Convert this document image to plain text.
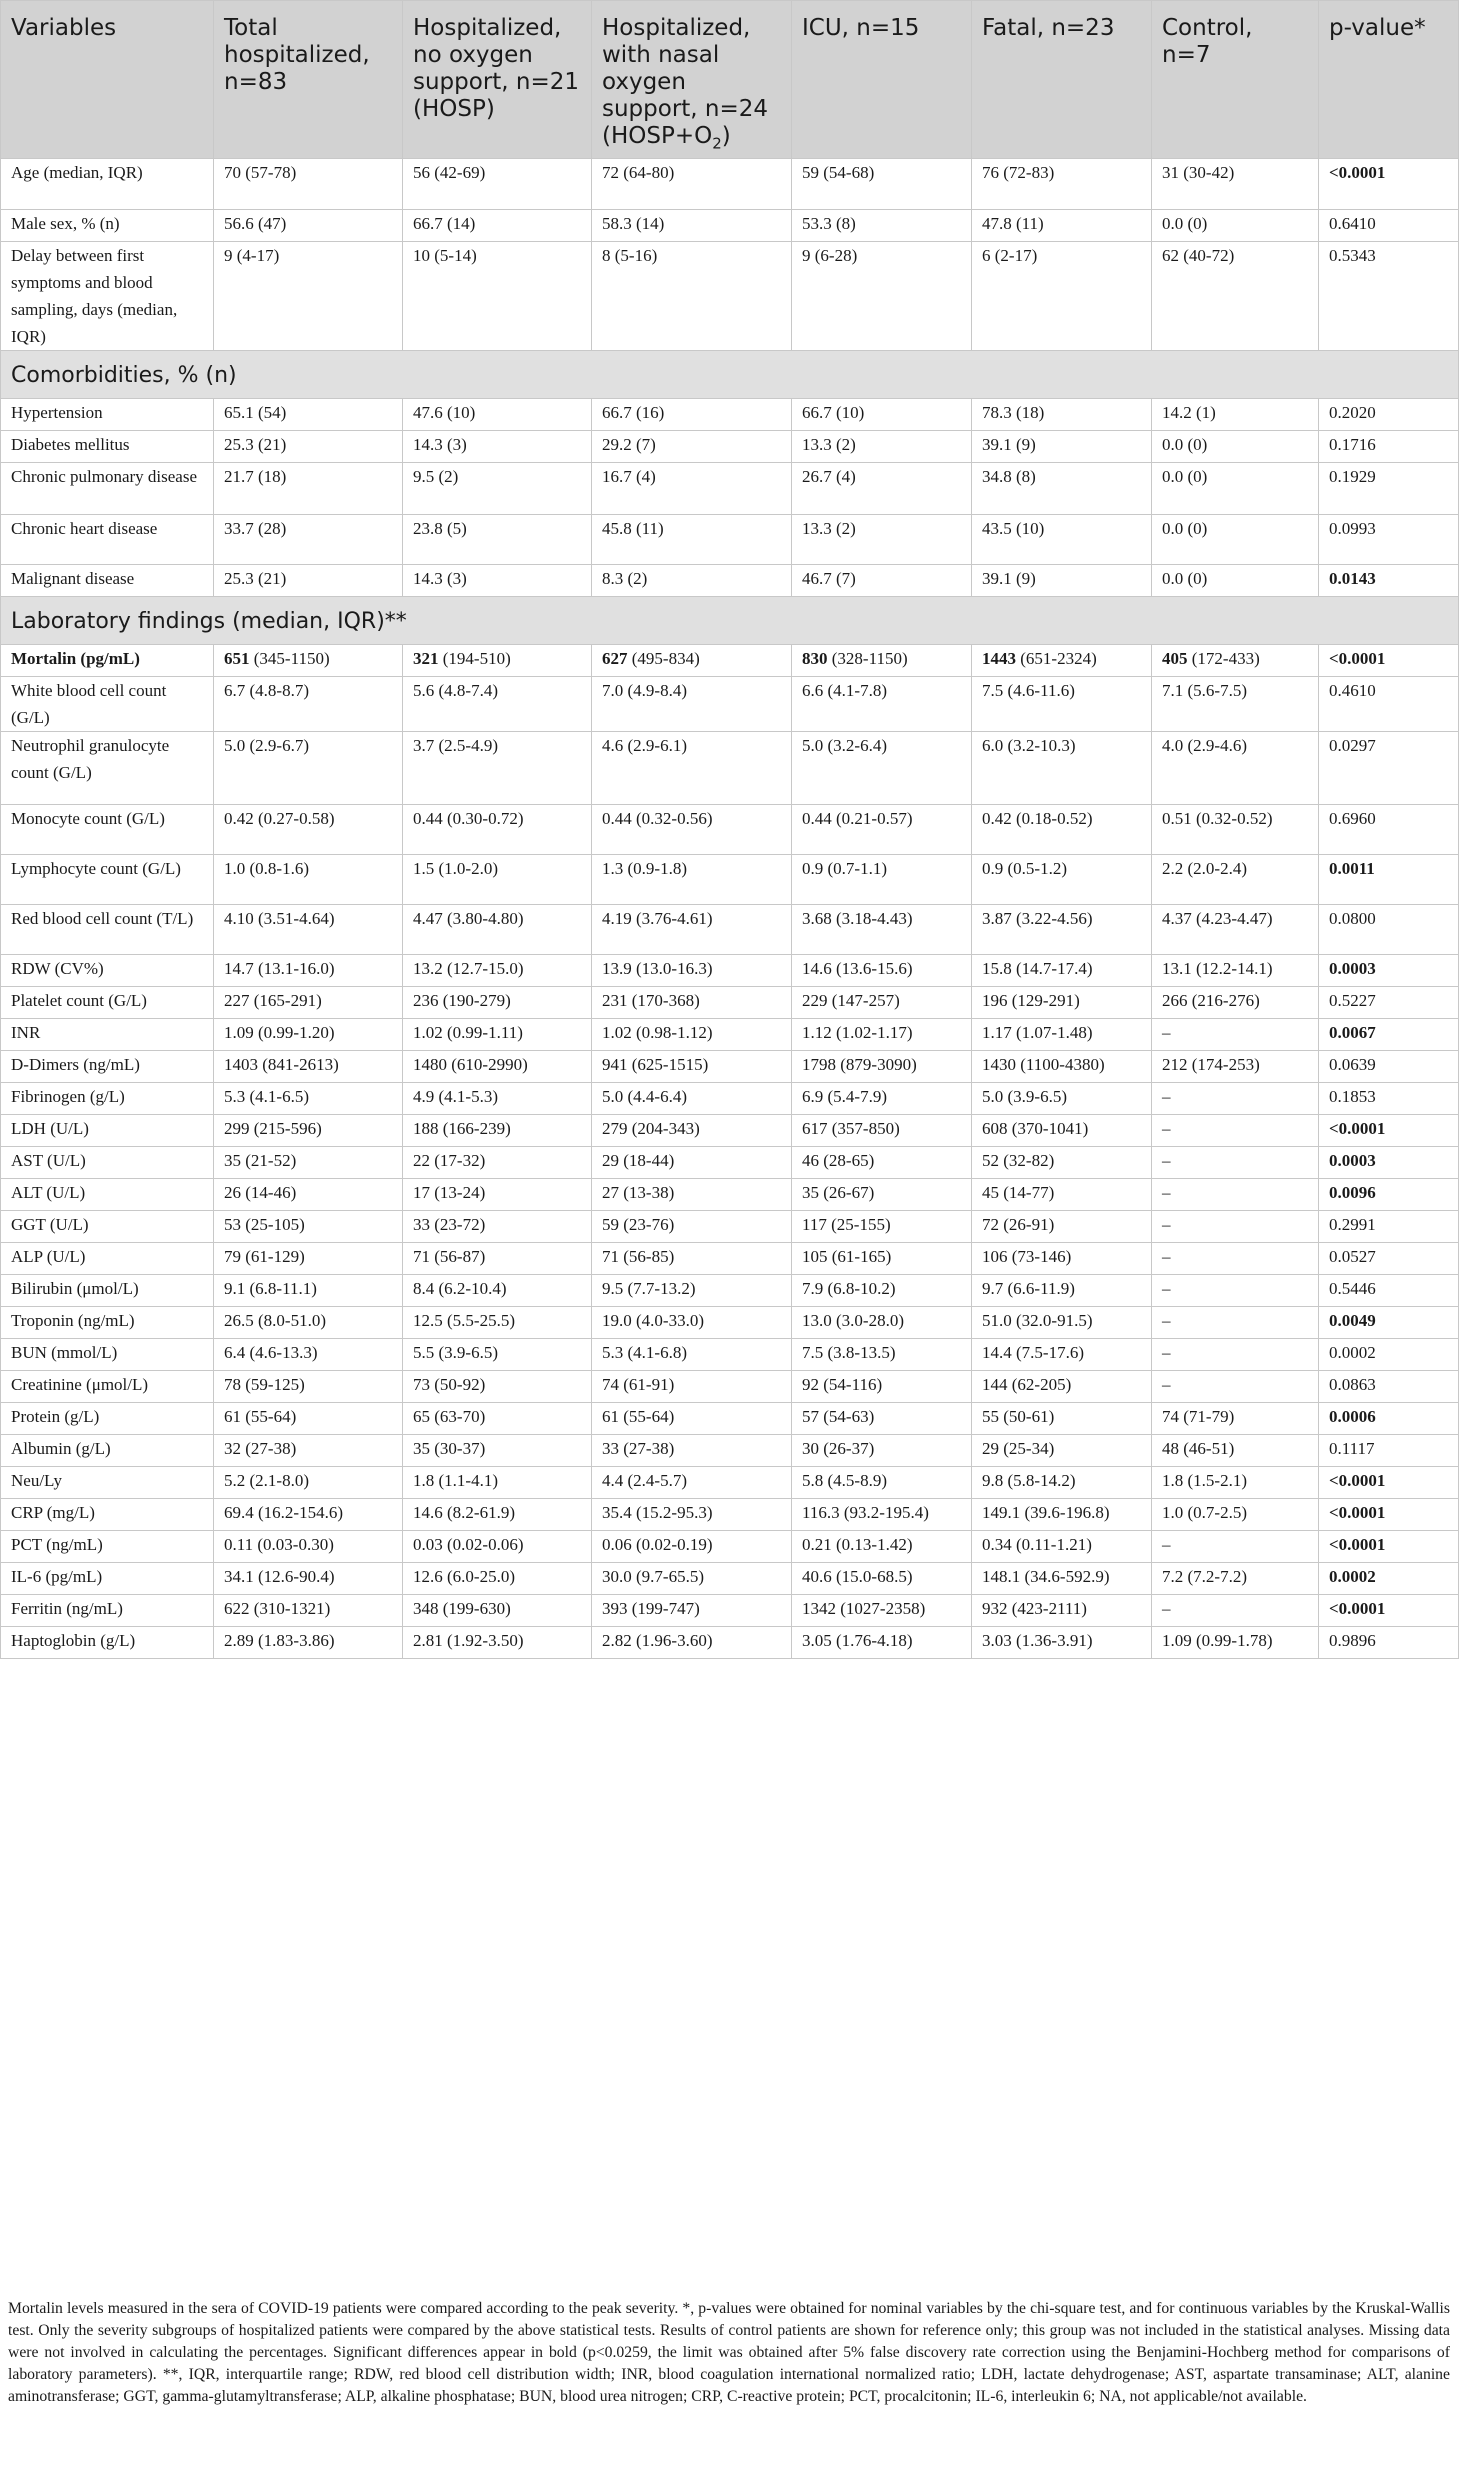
Variables	Total hospitalized, n=83	Hospitalized, no oxygen support, n=21 (HOSP)	Hospitalized, with nasal oxygen support, n=24 $(HOSP+O_2)$	ICU, n=15	Fatal, n=23	Control, n=7	p-value*
Age (median, IQR)	70 (57-78)	56 (42-69)	72 (64-80)	59 (54-68)	76 (72-83)	31 (30-42)	<0.0001
Male sex, % (n)	56.6 (47)	66.7 (14)	58.3 (14)	53.3 (8)	47.8 (11)	0.0 (0)	0.6410
Delay between first symptoms and blood sampling, days (median, IQR)	9 (4-17)	10 (5-14)	8 (5-16)	9 (6-28)	6 (2-17)	62 (40-72)	0.5343
Comorbidities, % (n)							
Hypertension	65.1 (54)	47.6 (10)	66.7 (16)	66.7 (10)	78.3 (18)	14.2 (1)	0.2020
Diabetes mellitus	25.3 (21)	14.3 (3)	29.2 (7)	13.3 (2)	39.1 (9)	0.0 (0)	0.1716
Chronic pulmonary disease	21.7 (18)	9.5 (2)	16.7 (4)	26.7 (4)	34.8 (8)	0.0 (0)	0.1929
Chronic heart disease	33.7 (28)	23.8 (5)	45.8 (11)	13.3 (2)	43.5 (10)	0.0 (0)	0.0993
Malignant disease	25.3 (21)	14.3 (3)	8.3 (2)	46.7 (7)	39.1 (9)	0.0 (0)	0.0143
Laboratory findings (median, IQR)**							
Mortalin (pg/mL)	651 (345-1150)	321 (194-510)	627 (495-834)	830 (328-1150)	1443 (651-2324)	405 (172-433)	<0.0001
White blood cell count (G/L)	6.7 (4.8-8.7)	5.6 (4.8-7.4)	7.0 (4.9-8.4)	6.6 (4.1-7.8)	7.5 (4.6-11.6)	7.1 (5.6-7.5)	0.4610
Neutrophil granulocyte count (G/L)	5.0 (2.9-6.7)	3.7 (2.5-4.9)	4.6 (2.9-6.1)	5.0 (3.2-6.4)	6.0 (3.2-10.3)	4.0 (2.9-4.6)	0.0297
Monocyte count (G/L)	0.42 (0.27-0.58)	0.44 (0.30-0.72)	0.44 (0.32-0.56)	0.44 (0.21-0.57)	0.42 (0.18-0.52)	0.51 (0.32-0.52)	0.6960
Lymphocyte count (G/L)	1.0 (0.8-1.6)	1.5 (1.0-2.0)	1.3 (0.9-1.8)	0.9 (0.7-1.1)	0.9 (0.5-1.2)	2.2 (2.0-2.4)	0.0011
Red blood cell count (T/L)	4.10 (3.51-4.64)	4.47 (3.80-4.80)	4.19 (3.76-4.61)	3.68 (3.18-4.43)	3.87 (3.22-4.56)	4.37 (4.23-4.47)	0.0800
RDW (CV%)	14.7 (13.1-16.0)	13.2 (12.7-15.0)	13.9 (13.0-16.3)	14.6 (13.6-15.6)	15.8 (14.7-17.4)	13.1 (12.2-14.1)	0.0003
Platelet count (G/L)	227 (165-291)	236 (190-279)	231 (170-368)	229 (147-257)	196 (129-291)	266 (216-276)	0.5227
INR	1.09 (0.99-1.20)	1.02 (0.99-1.11)	1.02 (0.98-1.12)	1.12 (1.02-1.17)	1.17 (1.07-1.48)	–	0.0067
D-Dimers (ng/mL)	1403 (841-2613)	1480 (610-2990)	941 (625-1515)	1798 (879-3090)	1430 (1100-4380)	212 (174-253)	0.0639
Fibrinogen (g/L)	5.3 (4.1-6.5)	4.9 (4.1-5.3)	5.0 (4.4-6.4)	6.9 (5.4-7.9)	5.0 (3.9-6.5)	–	0.1853
LDH (U/L)	299 (215-596)	188 (166-239)	279 (204-343)	617 (357-850)	608 (370-1041)	–	<0.0001
AST (U/L)	35 (21-52)	22 (17-32)	29 (18-44)	46 (28-65)	52 (32-82)	–	0.0003
ALT (U/L)	26 (14-46)	17 (13-24)	27 (13-38)	35 (26-67)	45 (14-77)	–	0.0096
GGT (U/L)	53 (25-105)	33 (23-72)	59 (23-76)	117 (25-155)	72 (26-91)	–	0.2991
ALP (U/L)	79 (61-129)	71 (56-87)	71 (56-85)	105 (61-165)	106 (73-146)	–	0.0527
Bilirubin (μmol/L)	9.1 (6.8-11.1)	8.4 (6.2-10.4)	9.5 (7.7-13.2)	7.9 (6.8-10.2)	9.7 (6.6-11.9)	–	0.5446
Troponin (ng/mL)	26.5 (8.0-51.0)	12.5 (5.5-25.5)	19.0 (4.0-33.0)	13.0 (3.0-28.0)	51.0 (32.0-91.5)	–	0.0049
BUN (mmol/L)	6.4 (4.6-13.3)	5.5 (3.9-6.5)	5.3 (4.1-6.8)	7.5 (3.8-13.5)	14.4 (7.5-17.6)	–	0.0002
Creatinine (μmol/L)	78 (59-125)	73 (50-92)	74 (61-91)	92 (54-116)	144 (62-205)	–	0.0863
Protein (g/L)	61 (55-64)	65 (63-70)	61 (55-64)	57 (54-63)	55 (50-61)	74 (71-79)	0.0006
Albumin (g/L)	32 (27-38)	35 (30-37)	33 (27-38)	30 (26-37)	29 (25-34)	48 (46-51)	0.1117
Neu/Ly	5.2 (2.1-8.0)	1.8 (1.1-4.1)	4.4 (2.4-5.7)	5.8 (4.5-8.9)	9.8 (5.8-14.2)	1.8 (1.5-2.1)	<0.0001
CRP (mg/L)	69.4 (16.2-154.6)	14.6 (8.2-61.9)	35.4 (15.2-95.3)	116.3 (93.2-195.4)	149.1 (39.6-196.8)	1.0 (0.7-2.5)	<0.0001
PCT (ng/mL)	0.11 (0.03-0.30)	0.03 (0.02-0.06)	0.06 (0.02-0.19)	0.21 (0.13-1.42)	0.34 (0.11-1.21)	–	<0.0001
IL-6 (pg/mL)	34.1 (12.6-90.4)	12.6 (6.0-25.0)	30.0 (9.7-65.5)	40.6 (15.0-68.5)	148.1 (34.6-592.9)	7.2 (7.2-7.2)	0.0002
Ferritin (ng/mL)	622 (310-1321)	348 (199-630)	393 (199-747)	1342 (1027-2358)	932 (423-2111)	–	<0.0001
Haptoglobin (g/L)	2.89 (1.83-3.86)	2.81 (1.92-3.50)	2.82 (1.96-3.60)	3.05 (1.76-4.18)	3.03 (1.36-3.91)	1.09 (0.99-1.78)	0.9896
Mortalin levels measured in the sera of COVID-19 patients were compared according to the peak severity. *, p-values were obtained for nominal variables by the chi-square test, and for continuous variables by the Kruskal-Wallis test. Only the severity subgroups of hospitalized patients were compared by the above statistical tests. Results of control patients are shown for reference only; this group was not included in the statistical analyses. Missing data were not involved in calculating the percentages. Significant differences appear in bold (p<0.0259, the limit was obtained after 5% false discovery rate correction using the Benjamini-Hochberg method for comparisons of laboratory parameters). **, IQR, interquartile range; RDW, red blood cell distribution width; INR, blood coagulation international normalized ratio; LDH, lactate dehydrogenase; AST, aspartate transaminase; ALT, alanine aminotransferase; GGT, gamma-glutamyltransferase; ALP, alkaline phosphatase; BUN, blood urea nitrogen; CRP, C-reactive protein; PCT, procalcitonin; IL-6, interleukin 6; NA, not applicable/not available.
